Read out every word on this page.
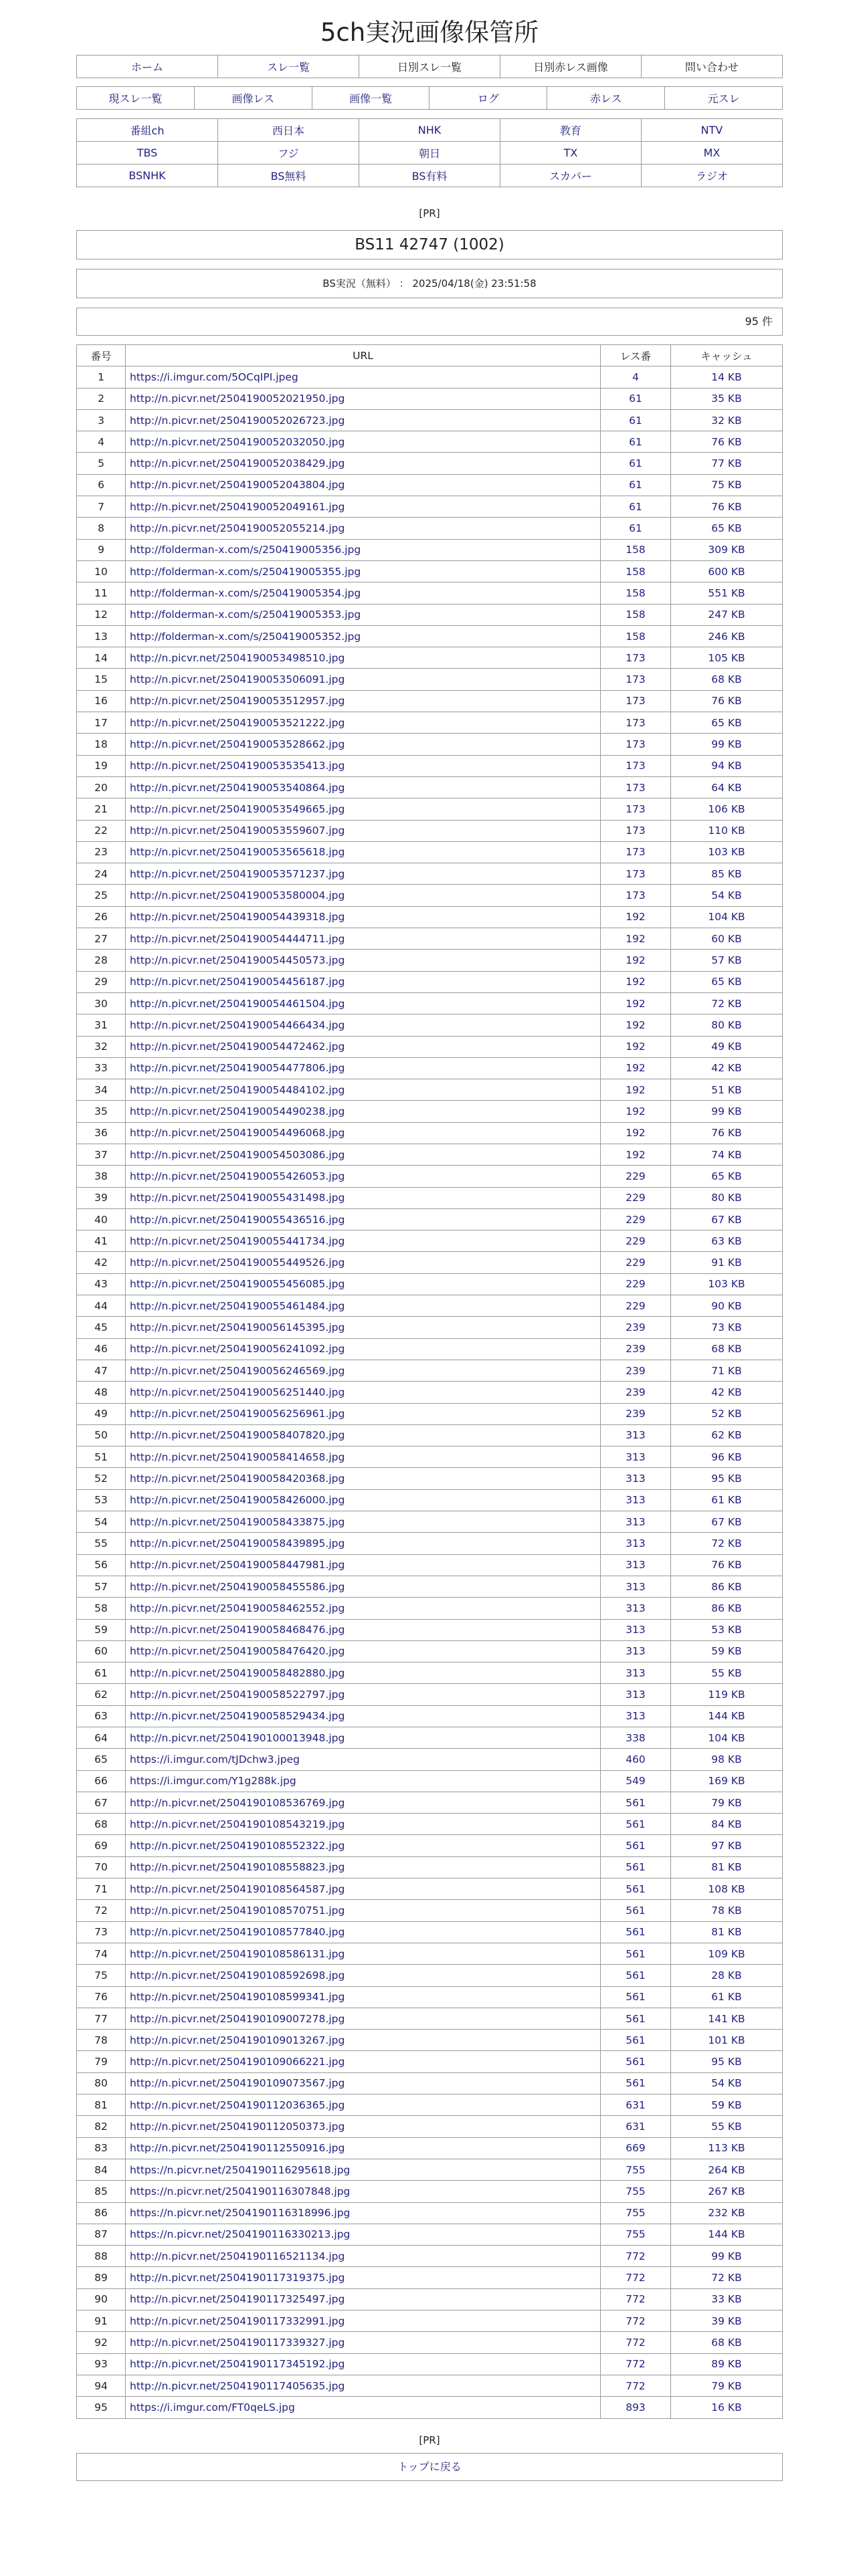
5ch実況画像保管所
ホーム	スレ一覧	日別スレ一覧	日別赤レス画像	問い合わせ
現スレ一覧	画像レス	画像一覧	ログ	赤レス	元スレ
番組ch	西日本	NHK	教育	NTV
TBS	フジ	朝日	TX	MX
BSNHK	BS無料	BS有料	スカパー	ラジオ
[PR]
BS11 42747 (1002)
BS実況（無料） ： 2025/04/18(金) 23:51:58
95 件
番号	URL	レス番	キャッシュ
1	https://i.imgur.com/5OCqIPI.jpeg	4	14 KB
2	http://n.picvr.net/2504190052021950.jpg	61	35 KB
3	http://n.picvr.net/2504190052026723.jpg	61	32 KB
4	http://n.picvr.net/2504190052032050.jpg	61	76 KB
5	http://n.picvr.net/2504190052038429.jpg	61	77 KB
6	http://n.picvr.net/2504190052043804.jpg	61	75 KB
7	http://n.picvr.net/2504190052049161.jpg	61	76 KB
8	http://n.picvr.net/2504190052055214.jpg	61	65 KB
9	http://folderman-x.com/s/250419005356.jpg	158	309 KB
10	http://folderman-x.com/s/250419005355.jpg	158	600 KB
11	http://folderman-x.com/s/250419005354.jpg	158	551 KB
12	http://folderman-x.com/s/250419005353.jpg	158	247 KB
13	http://folderman-x.com/s/250419005352.jpg	158	246 KB
14	http://n.picvr.net/2504190053498510.jpg	173	105 KB
15	http://n.picvr.net/2504190053506091.jpg	173	68 KB
16	http://n.picvr.net/2504190053512957.jpg	173	76 KB
17	http://n.picvr.net/2504190053521222.jpg	173	65 KB
18	http://n.picvr.net/2504190053528662.jpg	173	99 KB
19	http://n.picvr.net/2504190053535413.jpg	173	94 KB
20	http://n.picvr.net/2504190053540864.jpg	173	64 KB
21	http://n.picvr.net/2504190053549665.jpg	173	106 KB
22	http://n.picvr.net/2504190053559607.jpg	173	110 KB
23	http://n.picvr.net/2504190053565618.jpg	173	103 KB
24	http://n.picvr.net/2504190053571237.jpg	173	85 KB
25	http://n.picvr.net/2504190053580004.jpg	173	54 KB
26	http://n.picvr.net/2504190054439318.jpg	192	104 KB
27	http://n.picvr.net/2504190054444711.jpg	192	60 KB
28	http://n.picvr.net/2504190054450573.jpg	192	57 KB
29	http://n.picvr.net/2504190054456187.jpg	192	65 KB
30	http://n.picvr.net/2504190054461504.jpg	192	72 KB
31	http://n.picvr.net/2504190054466434.jpg	192	80 KB
32	http://n.picvr.net/2504190054472462.jpg	192	49 KB
33	http://n.picvr.net/2504190054477806.jpg	192	42 KB
34	http://n.picvr.net/2504190054484102.jpg	192	51 KB
35	http://n.picvr.net/2504190054490238.jpg	192	99 KB
36	http://n.picvr.net/2504190054496068.jpg	192	76 KB
37	http://n.picvr.net/2504190054503086.jpg	192	74 KB
38	http://n.picvr.net/2504190055426053.jpg	229	65 KB
39	http://n.picvr.net/2504190055431498.jpg	229	80 KB
40	http://n.picvr.net/2504190055436516.jpg	229	67 KB
41	http://n.picvr.net/2504190055441734.jpg	229	63 KB
42	http://n.picvr.net/2504190055449526.jpg	229	91 KB
43	http://n.picvr.net/2504190055456085.jpg	229	103 KB
44	http://n.picvr.net/2504190055461484.jpg	229	90 KB
45	http://n.picvr.net/2504190056145395.jpg	239	73 KB
46	http://n.picvr.net/2504190056241092.jpg	239	68 KB
47	http://n.picvr.net/2504190056246569.jpg	239	71 KB
48	http://n.picvr.net/2504190056251440.jpg	239	42 KB
49	http://n.picvr.net/2504190056256961.jpg	239	52 KB
50	http://n.picvr.net/2504190058407820.jpg	313	62 KB
51	http://n.picvr.net/2504190058414658.jpg	313	96 KB
52	http://n.picvr.net/2504190058420368.jpg	313	95 KB
53	http://n.picvr.net/2504190058426000.jpg	313	61 KB
54	http://n.picvr.net/2504190058433875.jpg	313	67 KB
55	http://n.picvr.net/2504190058439895.jpg	313	72 KB
56	http://n.picvr.net/2504190058447981.jpg	313	76 KB
57	http://n.picvr.net/2504190058455586.jpg	313	86 KB
58	http://n.picvr.net/2504190058462552.jpg	313	86 KB
59	http://n.picvr.net/2504190058468476.jpg	313	53 KB
60	http://n.picvr.net/2504190058476420.jpg	313	59 KB
61	http://n.picvr.net/2504190058482880.jpg	313	55 KB
62	http://n.picvr.net/2504190058522797.jpg	313	119 KB
63	http://n.picvr.net/2504190058529434.jpg	313	144 KB
64	http://n.picvr.net/2504190100013948.jpg	338	104 KB
65	https://i.imgur.com/tJDchw3.jpeg	460	98 KB
66	https://i.imgur.com/Y1g288k.jpg	549	169 KB
67	http://n.picvr.net/2504190108536769.jpg	561	79 KB
68	http://n.picvr.net/2504190108543219.jpg	561	84 KB
69	http://n.picvr.net/2504190108552322.jpg	561	97 KB
70	http://n.picvr.net/2504190108558823.jpg	561	81 KB
71	http://n.picvr.net/2504190108564587.jpg	561	108 KB
72	http://n.picvr.net/2504190108570751.jpg	561	78 KB
73	http://n.picvr.net/2504190108577840.jpg	561	81 KB
74	http://n.picvr.net/2504190108586131.jpg	561	109 KB
75	http://n.picvr.net/2504190108592698.jpg	561	28 KB
76	http://n.picvr.net/2504190108599341.jpg	561	61 KB
77	http://n.picvr.net/2504190109007278.jpg	561	141 KB
78	http://n.picvr.net/2504190109013267.jpg	561	101 KB
79	http://n.picvr.net/2504190109066221.jpg	561	95 KB
80	http://n.picvr.net/2504190109073567.jpg	561	54 KB
81	http://n.picvr.net/2504190112036365.jpg	631	59 KB
82	http://n.picvr.net/2504190112050373.jpg	631	55 KB
83	http://n.picvr.net/2504190112550916.jpg	669	113 KB
84	https://n.picvr.net/2504190116295618.jpg	755	264 KB
85	https://n.picvr.net/2504190116307848.jpg	755	267 KB
86	https://n.picvr.net/2504190116318996.jpg	755	232 KB
87	https://n.picvr.net/2504190116330213.jpg	755	144 KB
88	http://n.picvr.net/2504190116521134.jpg	772	99 KB
89	http://n.picvr.net/2504190117319375.jpg	772	72 KB
90	http://n.picvr.net/2504190117325497.jpg	772	33 KB
91	http://n.picvr.net/2504190117332991.jpg	772	39 KB
92	http://n.picvr.net/2504190117339327.jpg	772	68 KB
93	http://n.picvr.net/2504190117345192.jpg	772	89 KB
94	http://n.picvr.net/2504190117405635.jpg	772	79 KB
95	https://i.imgur.com/FT0qeLS.jpg	893	16 KB
[PR]
トップに戻る
